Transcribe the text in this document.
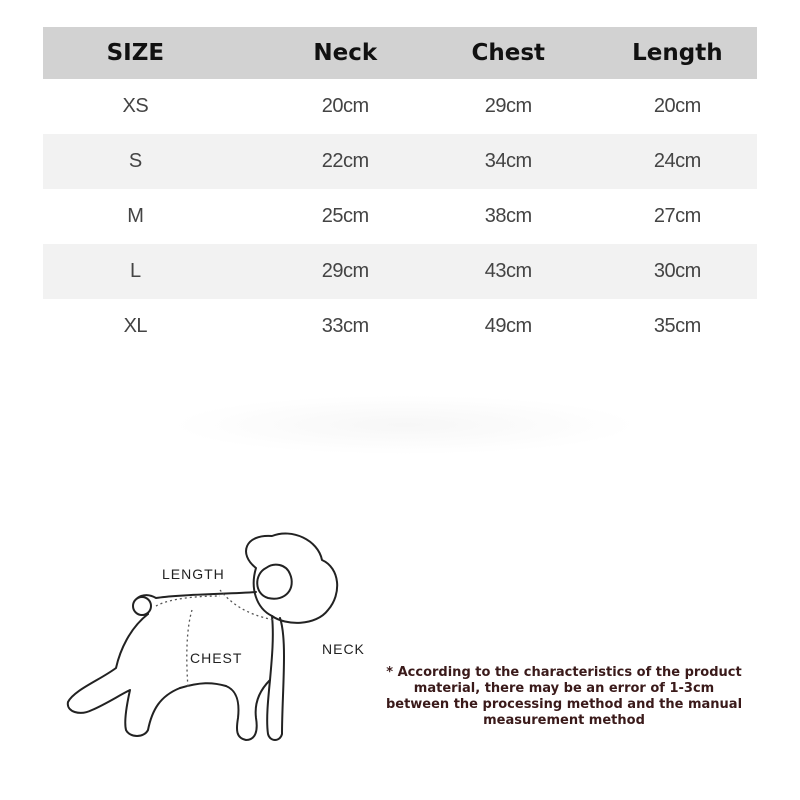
SIZE	Neck	Chest	Length
XS	20cm	29cm	20cm
S	22cm	34cm	24cm
M	25cm	38cm	27cm
L	29cm	43cm	30cm
XL	33cm	49cm	35cm
LENGTH
CHEST
NECK
* According to the characteristics of the product material, there may be an error of 1-3cm between the processing method and the manual measurement method
